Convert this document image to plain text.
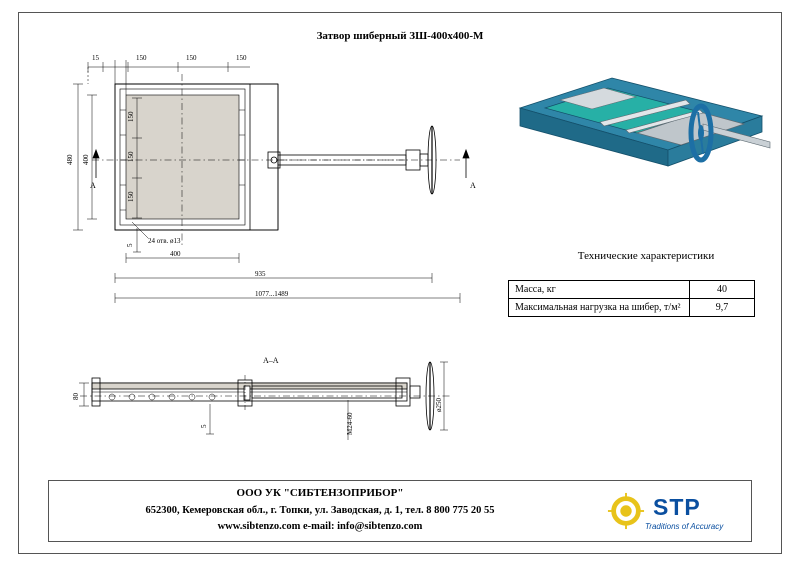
Затвор шиберный ЗШ-400х400-М
15	150	150	150
480 400
150
150
150
5
400
935
1077...1489
24 отв. ø13
A	A
A–A
80
5	M24-60
ø250
Технические характеристики
Масса, кг	40
Максимальная нагрузка на шибер, т/м²	9,7
ООО УК "СИБТЕНЗОПРИБОР"
652300, Кемеровская обл., г. Топки, ул. Заводская, д. 1, тел. 8 800 775 20 55
www.sibtenzo.com e-mail: info@sibtenzo.com
STP
Traditions of Accuracy
